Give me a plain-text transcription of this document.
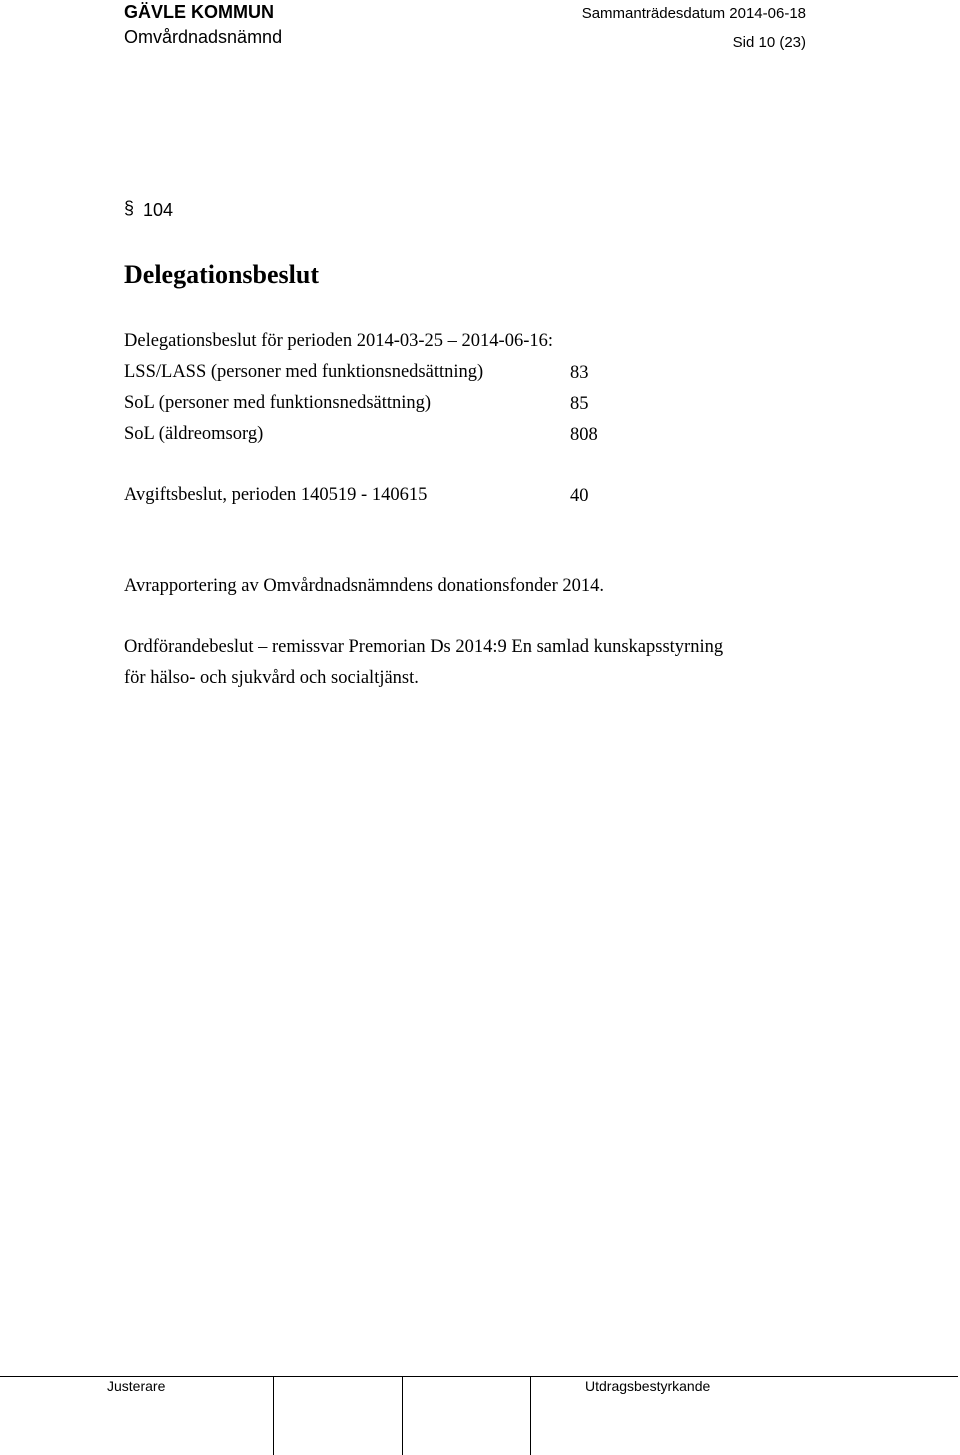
GÄVLE KOMMUN
Omvårdnadsnämnd
Sammanträdesdatum 2014-06-18
Sid 10 (23)
§ 104
Delegationsbeslut
Delegationsbeslut för perioden 2014-03-25 – 2014-06-16:
LSS/LASS (personer med funktionsnedsättning)	83
SoL (personer med funktionsnedsättning)	85
SoL (äldreomsorg)	808
Avgiftsbeslut, perioden 140519 - 140615	40
Avrapportering av Omvårdnadsnämndens donationsfonder 2014.
Ordförandebeslut – remissvar Premorian Ds 2014:9 En samlad kunskapsstyrning
för hälso- och sjukvård och socialtjänst.
Justerare	Utdragsbestyrkande
